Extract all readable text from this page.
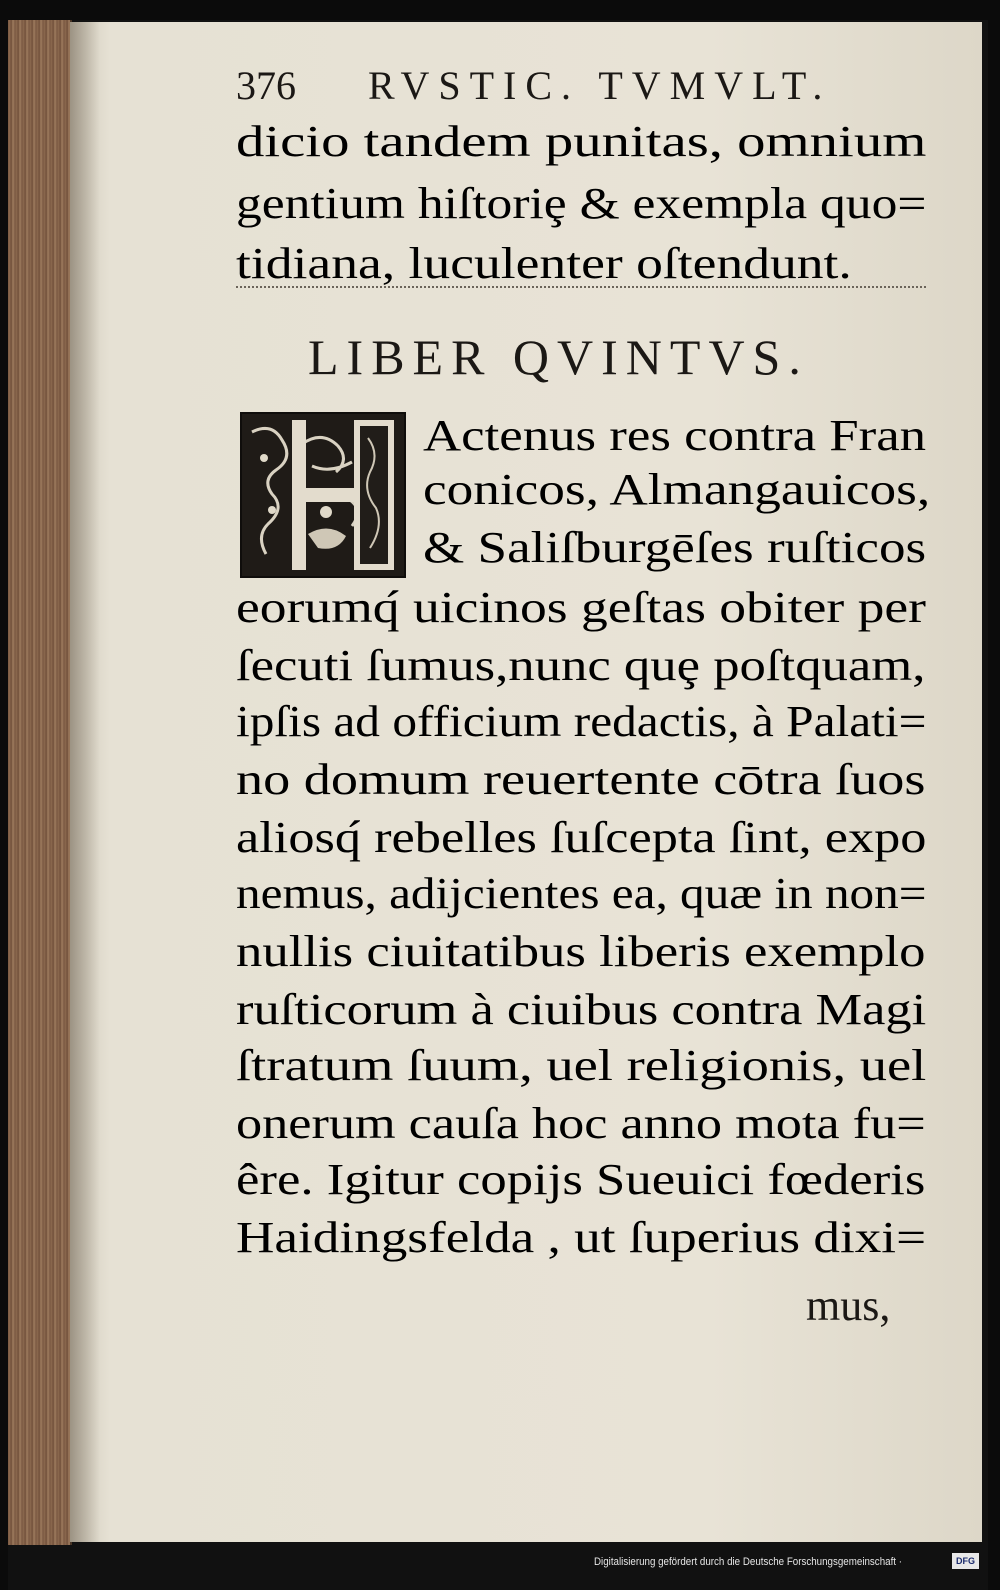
376 RVSTIC. TVMVLT.
dicio tandem punitas, omnium
gentium hiſtoriȩ & exempla quo=
tidiana, luculenter oſtendunt.
LIBER QVINTVS.
Actenus res contra Fran
conicos, Almangauicos,
& Saliſburgēſes ruſticos
eorumq́ uicinos geſtas obiter per
ſecuti ſumus,nunc quȩ poſtquam,
ipſis ad officium redactis, à Palati=
no domum reuertente cōtra ſuos
aliosq́ rebelles ſuſcepta ſint, expo
nemus, adijcientes ea, quæ in non=
nullis ciuitatibus liberis exemplo
ruſticorum à ciuibus contra Magi
ſtratum ſuum, uel religionis, uel
onerum cauſa hoc anno mota fu=
êre. Igitur copijs Sueuici fœderis
Haidingsfelda , ut ſuperius dixi=
mus,
Digitalisierung gefördert durch die Deutsche Forschungsgemeinschaft ·	DFG
